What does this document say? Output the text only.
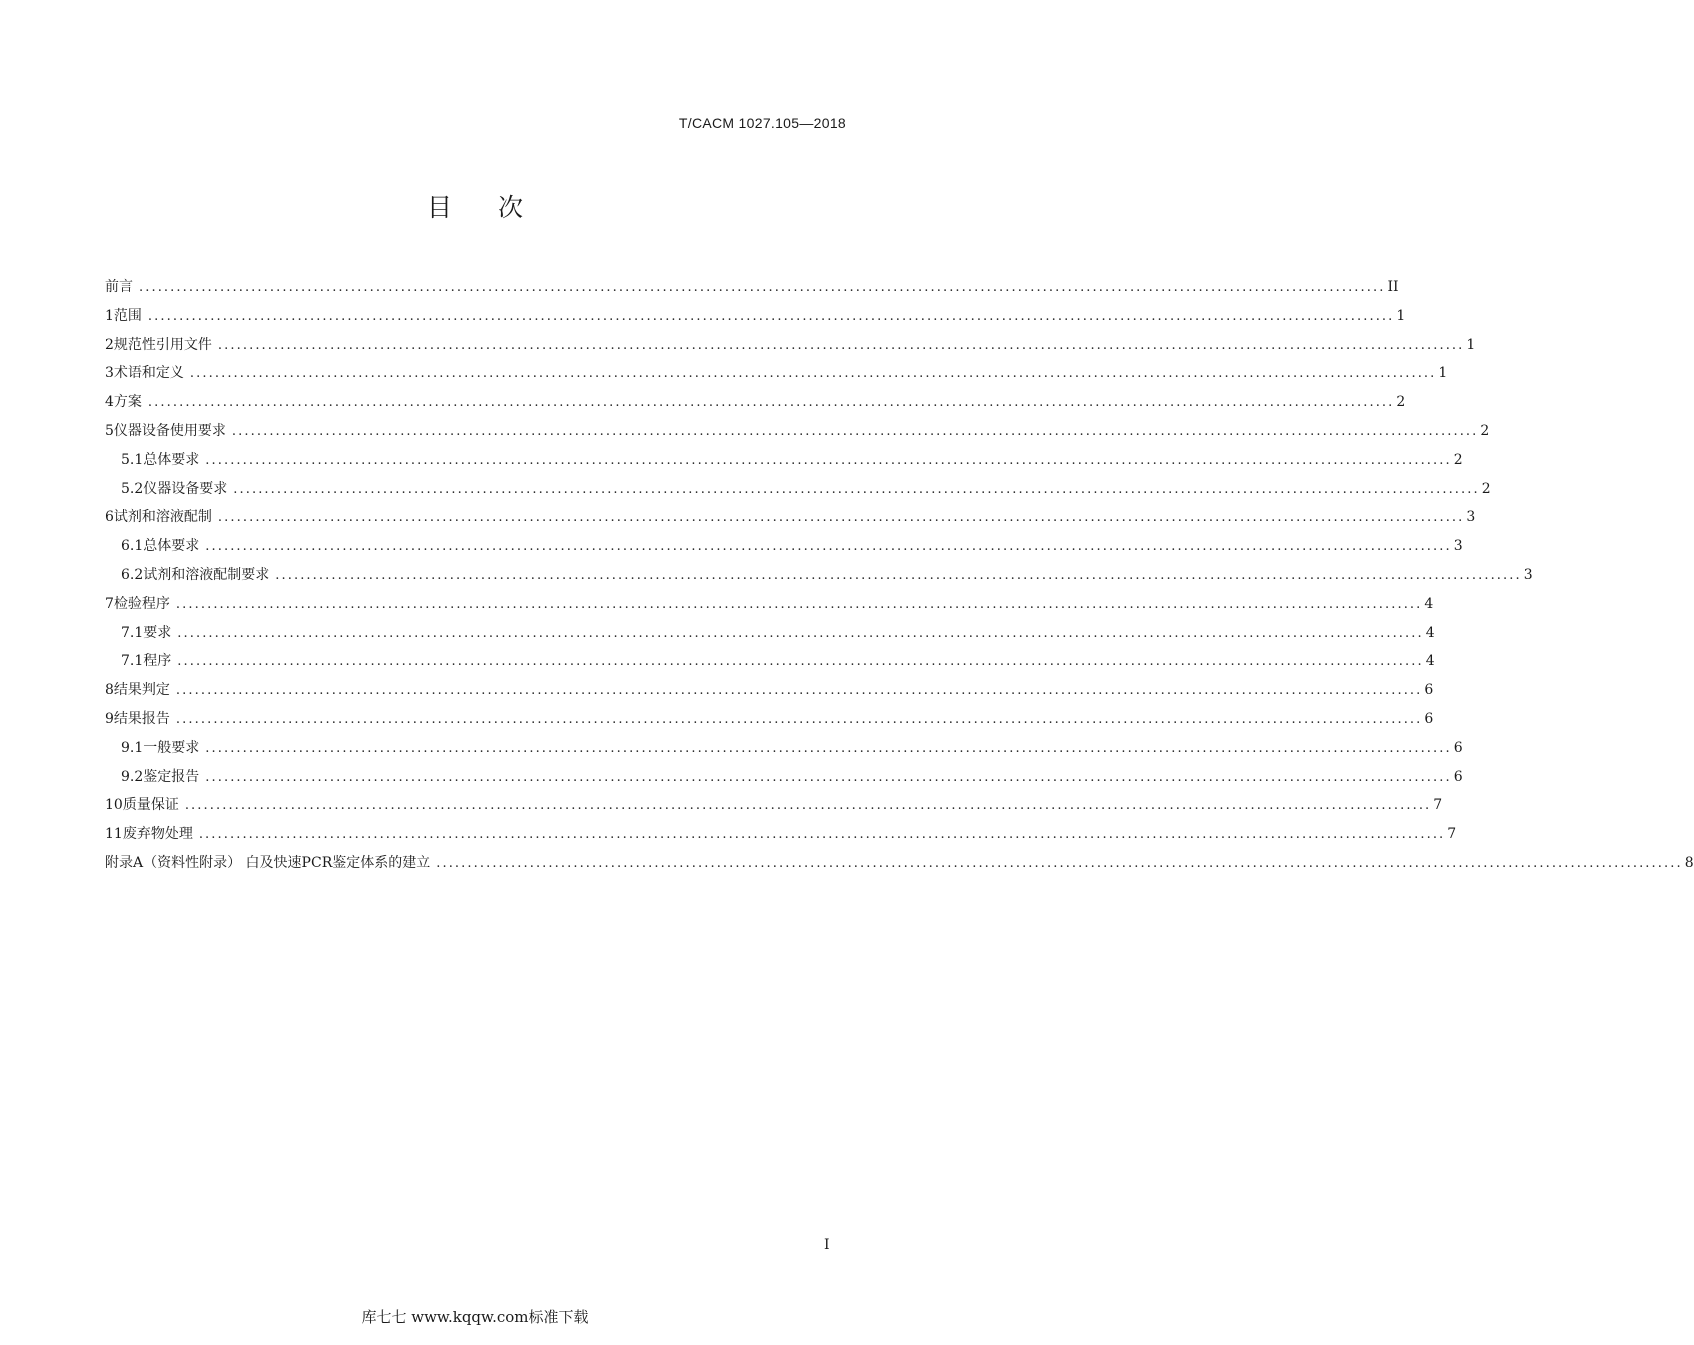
T/CACM 1027.105—2018
目 次
前言 ........................................................................................................................................................................................................ II
1 范围 ........................................................................................................................................................................................................ 1
2 规范性引用文件 ........................................................................................................................................................................................................ 1
3 术语和定义 ........................................................................................................................................................................................................ 1
4 方案 ........................................................................................................................................................................................................ 2
5 仪器设备使用要求 ........................................................................................................................................................................................................ 2
5.1 总体要求 ........................................................................................................................................................................................................ 2
5.2 仪器设备要求 ........................................................................................................................................................................................................ 2
6 试剂和溶液配制 ........................................................................................................................................................................................................ 3
6.1 总体要求 ........................................................................................................................................................................................................ 3
6.2 试剂和溶液配制要求 ........................................................................................................................................................................................................ 3
7 检验程序 ........................................................................................................................................................................................................ 4
7.1 要求 ........................................................................................................................................................................................................ 4
7.1 程序 ........................................................................................................................................................................................................ 4
8 结果判定 ........................................................................................................................................................................................................ 6
9 结果报告 ........................................................................................................................................................................................................ 6
9.1 一般要求 ........................................................................................................................................................................................................ 6
9.2 鉴定报告 ........................................................................................................................................................................................................ 6
10 质量保证 ........................................................................................................................................................................................................ 7
11 废弃物处理 ........................................................................................................................................................................................................ 7
附录A（资料性附录） 白及快速PCR鉴定体系的建立 ........................................................................................................................................................................................................ 8
I
库七七 www.kqqw.com标准下载
